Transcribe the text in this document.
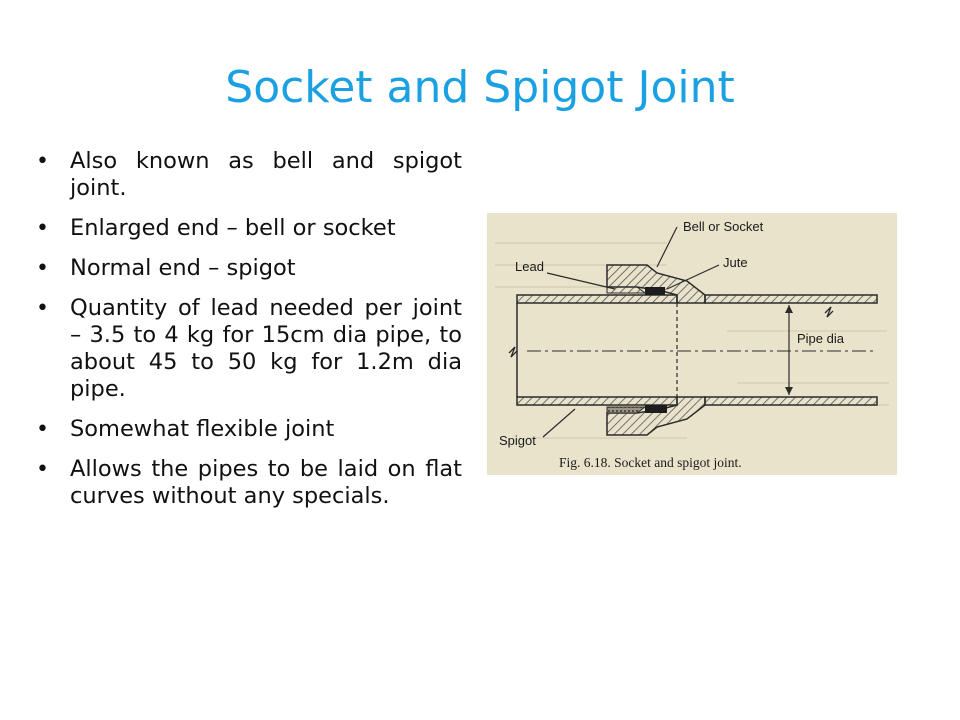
Socket and Spigot Joint
• Also known as bell and spigot joint.
• Enlarged end – bell or socket
• Normal end – spigot
• Quantity of lead needed per joint – 3.5 to 4 kg for 15cm dia pipe, to about 45 to 50 kg for 1.2m dia pipe.
• Somewhat flexible joint
• Allows the pipes to be laid on flat curves without any specials.
Bell or Socket
Lead	Jute
Pipe dia
Spigot
Fig. 6.18. Socket and spigot joint.
